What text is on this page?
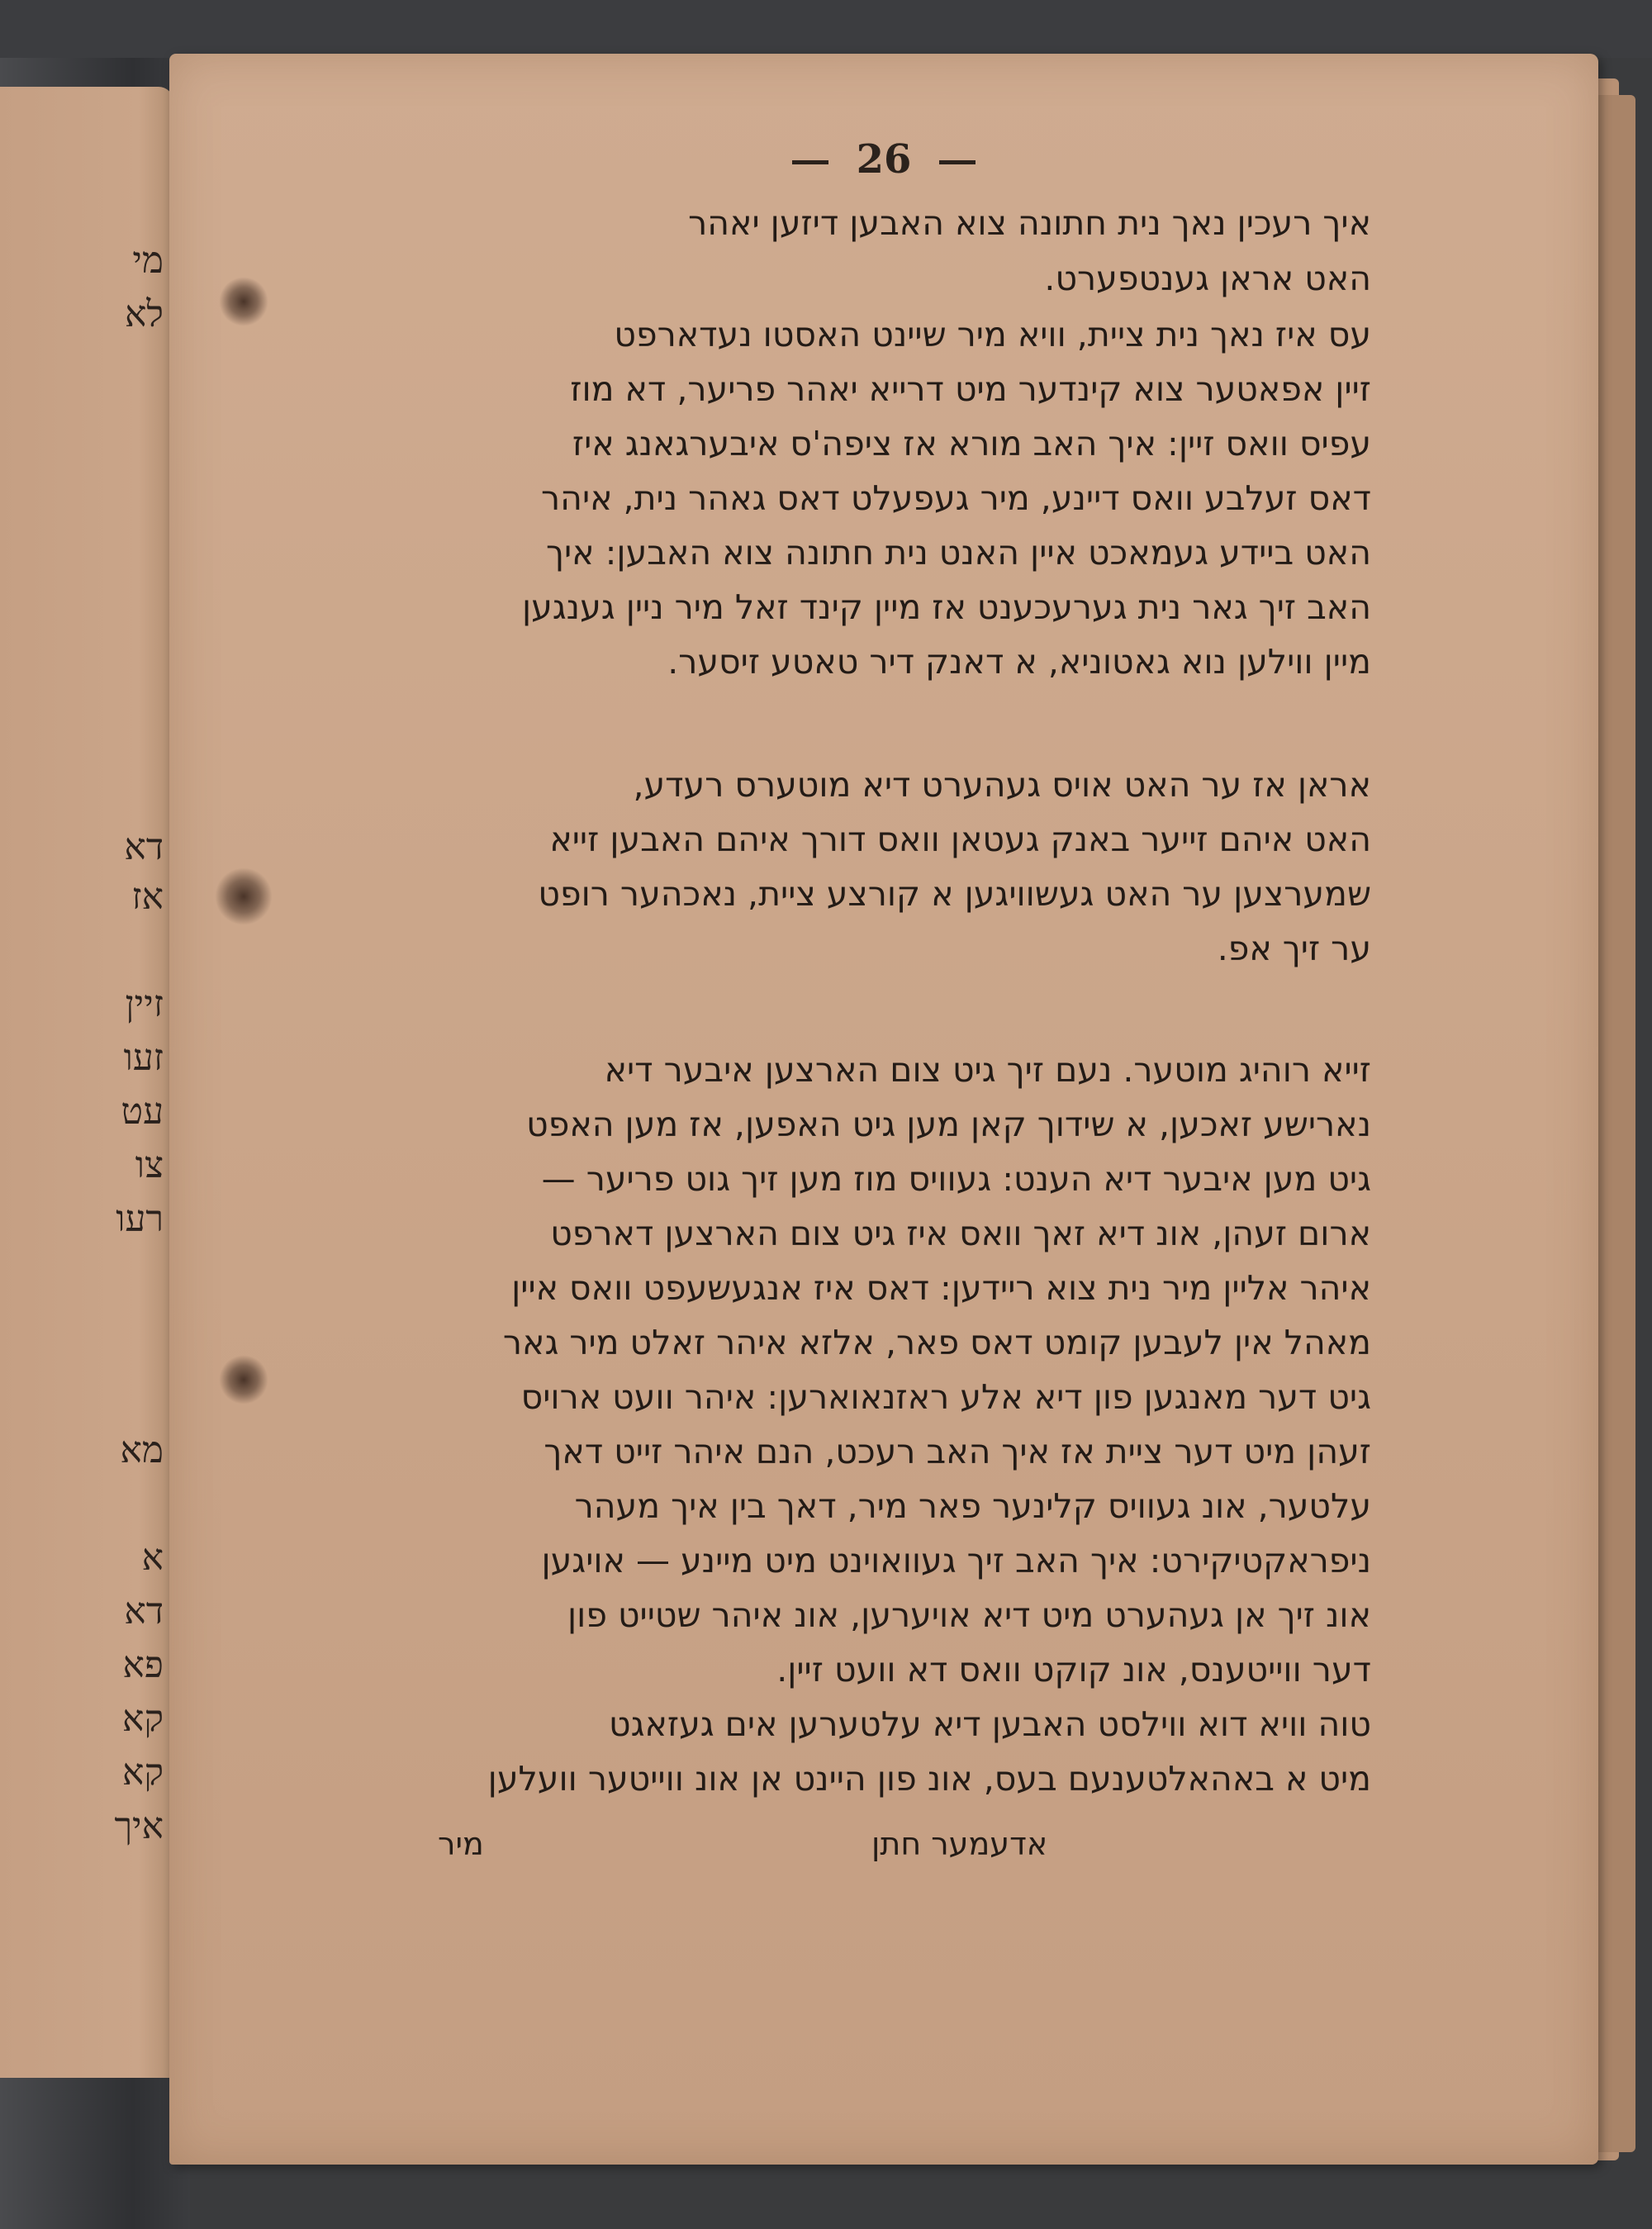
מי
לא
דא
אז
זיין
זעו
עט
צו
רעו
מא
א
דא
פא
קא
קא
איך
26
איך רעכין נאך נית חתונה צוא האבען דיזען יאהר
האט אראן גענטפערט.
עס איז נאך נית ציית, וויא מיר שיינט האסטו נעדארפט
זיין אפאטער צוא קינדער מיט דרייא יאהר פריער, דא מוז
עפיס וואס זיין: איך האב מורא אז ציפה'ס איבערגאנג איז
דאס זעלבע וואס דיינע, מיר געפעלט דאס גאהר נית, איהר
האט ביידע געמאכט איין האנט נית חתונה צוא האבען: איך
האב זיך גאר נית גערעכענט אז מיין קינד זאל מיר ניין גענגען
מיין ווילען נוא גאטוניא, א דאנק דיר טאטע זיסער.
אראן אז ער האט אויס געהערט דיא מוטערס רעדע,
האט איהם זייער באנק געטאן וואס דורך איהם האבען זייא
שמערצען ער האט געשוויגען א קורצע ציית, נאכהער רופט
ער זיך אפ.
זייא רוהיג מוטער. נעם זיך גיט צום הארצען איבער דיא
נארישע זאכען, א שידוך קאן מען גיט האפען, אז מען האפט
גיט מען איבער דיא הענט: געוויס מוז מען זיך גוט פריער —
ארום זעהן, אונ דיא זאך וואס איז גיט צום הארצען דארפט
איהר אליין מיר נית צוא ריידען: דאס איז אנגעשעפט וואס איין
מאהל אין לעבען קומט דאס פאר, אלזא איהר זאלט מיר גאר
גיט דער מאנגען פון דיא אלע ראזנאוארען: איהר וועט ארויס
זעהן מיט דער ציית אז איך האב רעכט, הנם איהר זייט דאך
עלטער, אונ געוויס קלינער פאר מיר, דאך בין איך מעהר
ניפראקטיקירט: איך האב זיך געוואוינט מיט מיינע — אויגען
אונ זיך אן געהערט מיט דיא אויערען, אונ איהר שטייט פון
דער ווייטענס, אונ קוקט וואס דא וועט זיין.
טוה וויא דוא ווילסט האבען דיא עלטערען אים געזאגט
מיט א באהאלטענעם בעס, אונ פון היינט אן אונ ווייטער וועלען
מיר	אדעמער חתן
